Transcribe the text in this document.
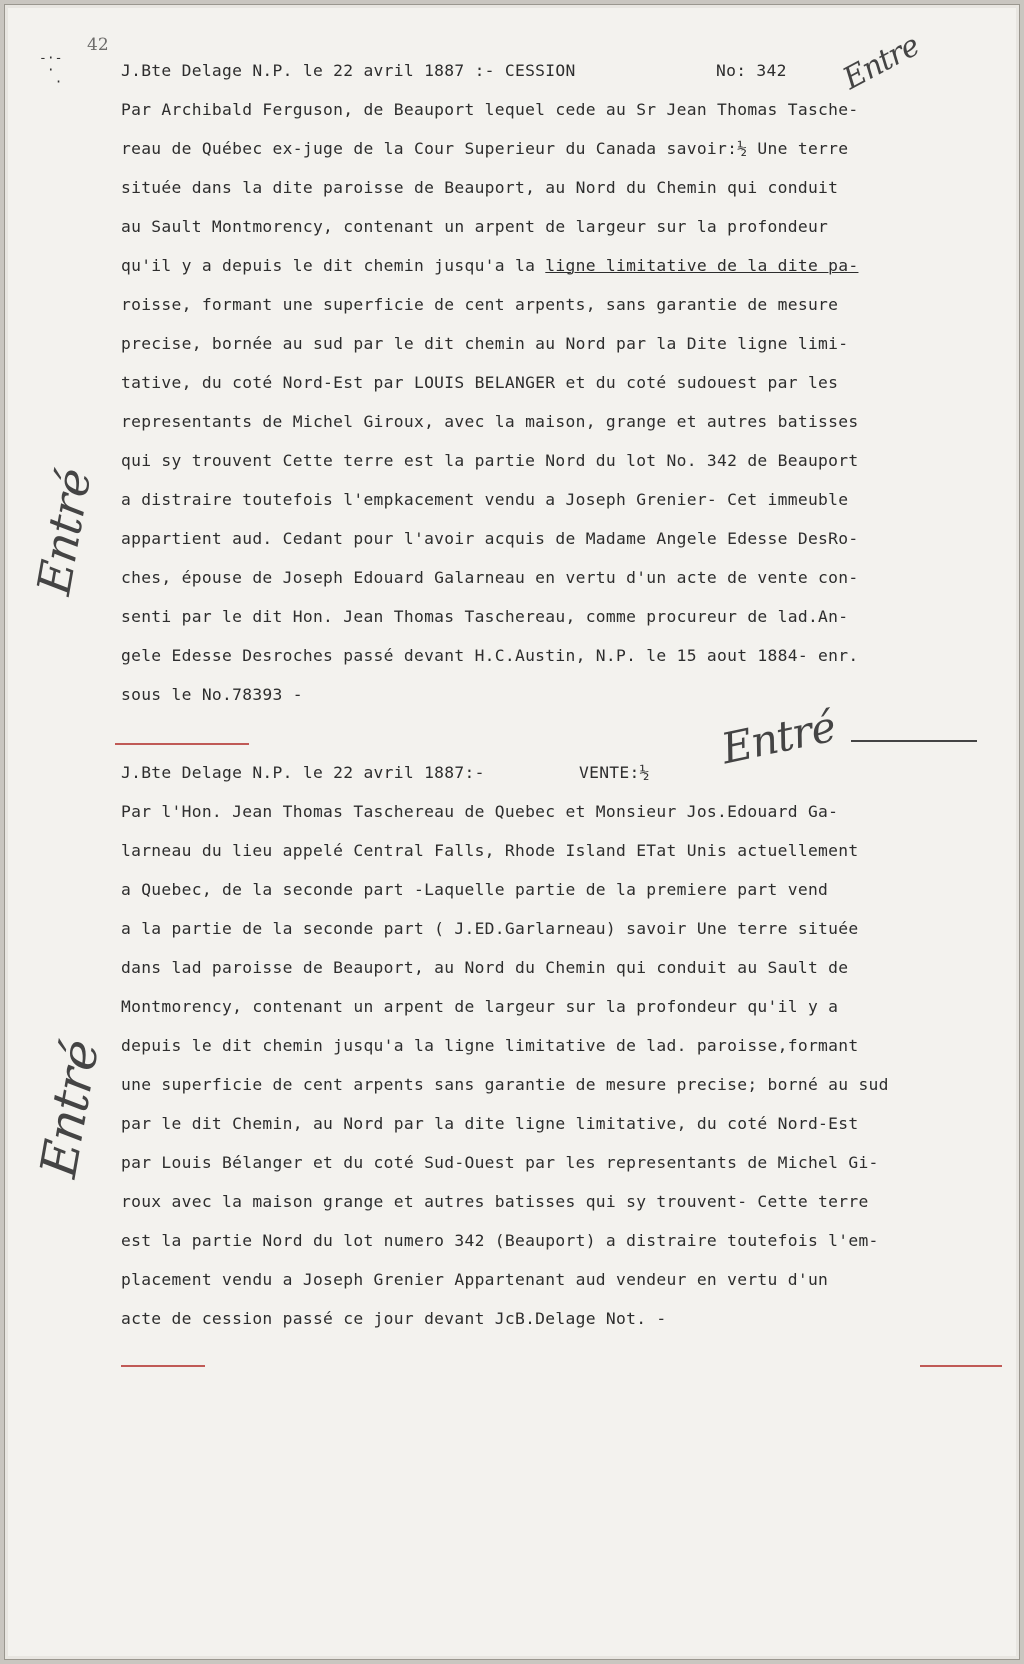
42
-·-
·
·	Entre
Entré
Entré
Entré
J.Bte Delage N.P. le 22 avril 1887 :- CESSION	No: 342
Par Archibald Ferguson, de Beauport lequel cede au Sr Jean Thomas Tasche-
reau de Québec ex-juge de la Cour Superieur du Canada savoir:½ Une terre
située dans la dite paroisse de Beauport, au Nord du Chemin qui conduit
au Sault Montmorency, contenant un arpent de largeur sur la profondeur
qu'il y a depuis le dit chemin jusqu'a la ligne limitative de la dite pa-
roisse, formant une superficie de cent arpents, sans garantie de mesure
precise, bornée au sud par le dit chemin au Nord par la Dite ligne limi-
tative, du coté Nord-Est par LOUIS BELANGER et du coté sudouest par les
representants de Michel Giroux, avec la maison, grange et autres batisses
qui sy trouvent Cette terre est la partie Nord du lot No. 342 de Beauport
a distraire toutefois l'empkacement vendu a Joseph Grenier- Cet immeuble
appartient aud. Cedant pour l'avoir acquis de Madame Angele Edesse DesRo-
ches, épouse de Joseph Edouard Galarneau en vertu d'un acte de vente con-
senti par le dit Hon. Jean Thomas Taschereau, comme procureur de lad.An-
gele Edesse Desroches passé devant H.C.Austin, N.P. le 15 aout 1884- enr.
sous le No.78393 -
J.Bte Delage N.P. le 22 avril 1887:-	VENTE:½
Par l'Hon. Jean Thomas Taschereau de Quebec et Monsieur Jos.Edouard Ga-
larneau du lieu appelé Central Falls, Rhode Island ETat Unis actuellement
a Quebec, de la seconde part -Laquelle partie de la premiere part vend
a la partie de la seconde part ( J.ED.Garlarneau) savoir Une terre située
dans lad paroisse de Beauport, au Nord du Chemin qui conduit au Sault de
Montmorency, contenant un arpent de largeur sur la profondeur qu'il y a
depuis le dit chemin jusqu'a la ligne limitative de lad. paroisse,formant
une superficie de cent arpents sans garantie de mesure precise; borné au sud
par le dit Chemin, au Nord par la dite ligne limitative, du coté Nord-Est
par Louis Bélanger et du coté Sud-Ouest par les representants de Michel Gi-
roux avec la maison grange et autres batisses qui sy trouvent- Cette terre
est la partie Nord du lot numero 342 (Beauport) a distraire toutefois l'em-
placement vendu a Joseph Grenier Appartenant aud vendeur en vertu d'un
acte de cession passé ce jour devant JcB.Delage Not. -
